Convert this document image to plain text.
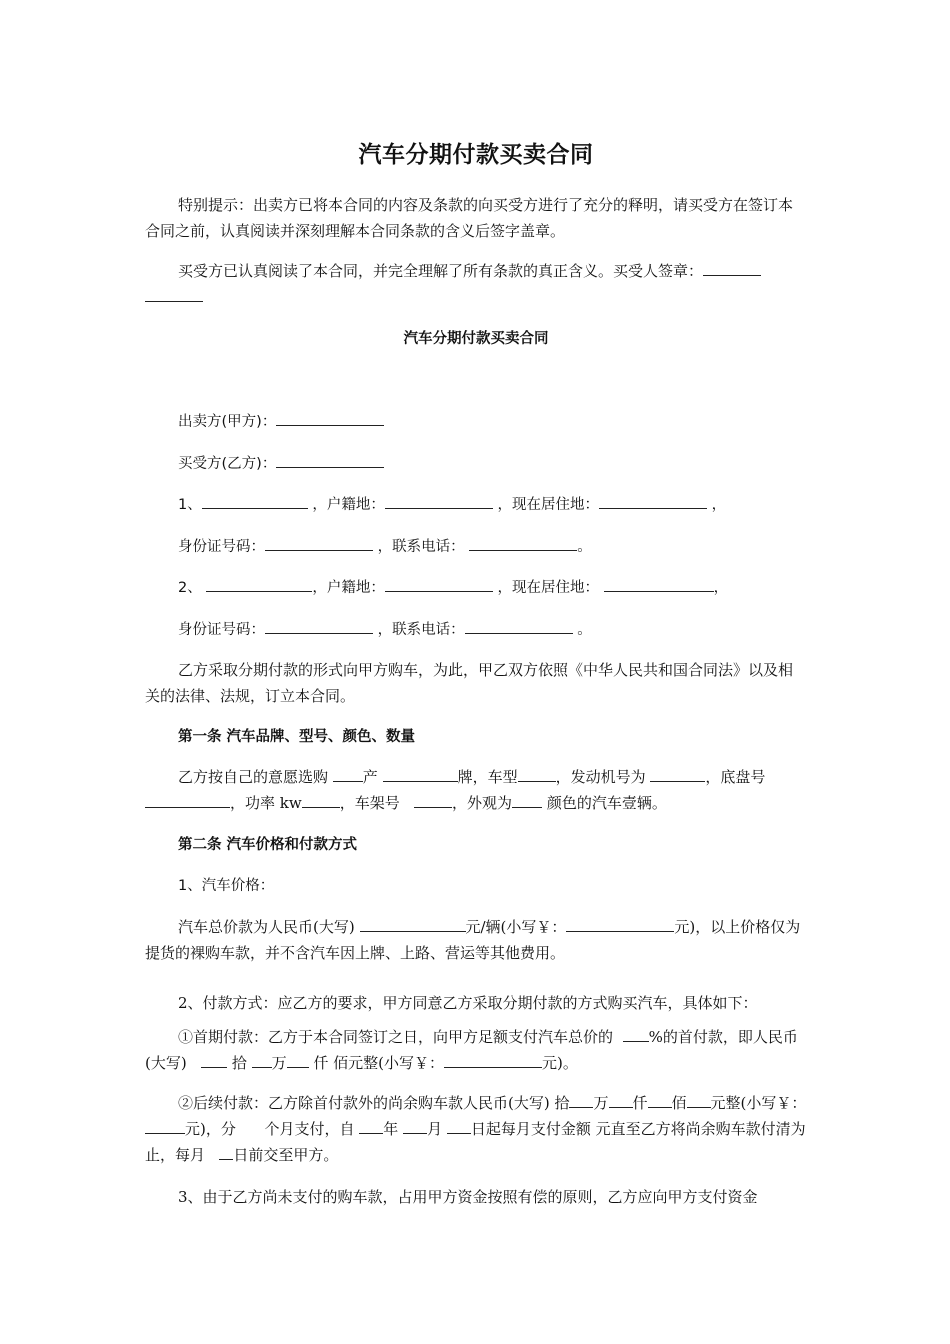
汽车分期付款买卖合同
特别提示：出卖方已将本合同的内容及条款的向买受方进行了充分的释明，请买受方在签订本合同之前，认真阅读并深刻理解本合同条款的含义后签字盖章。
买受方已认真阅读了本合同，并完全理解了所有条款的真正含义。买受人签章：
汽车分期付款买卖合同
出卖方(甲方)：
买受方(乙方)：
1、	，户籍地：	，现在居住地：	，
身份证号码：	，联系电话：	。
2、	，户籍地：	，现在居住地：	，
身份证号码：	，联系电话：	。
乙方采取分期付款的形式向甲方购车，为此，甲乙双方依照《中华人民共和国合同法》以及相关的法律、法规，订立本合同。
第一条 汽车品牌、型号、颜色、数量
乙方按自己的意愿选购 产	牌，车型	，发动机号为	，底盘号 ，功率 kw	，车架号	，外观为 颜色的汽车壹辆。
第二条 汽车价格和付款方式
1、汽车价格：
汽车总价款为人民币(大写)	元/辆(小写￥：	元)，以上价格仅为 提货的裸购车款，并不含汽车因上牌、上路、营运等其他费用。
2、付款方式：应乙方的要求，甲方同意乙方采取分期付款的方式购买汽车，具体如下：
①首期付款：乙方于本合同签订之日，向甲方足额支付汽车总价的 %的首付款，即人民币(大写)	拾 万 仟 佰元整(小写￥：	元)。
②后续付款：乙方除首付款外的尚余购车款人民币(大写) 拾 万 仟 佰 元整(小写￥：元)，分 个月支付，自 年 月 日起每月支付金额 元直至乙方将尚余购车款付清为止，每月 日前交至甲方。
3、由于乙方尚未支付的购车款，占用甲方资金按照有偿的原则，乙方应向甲方支付资金
